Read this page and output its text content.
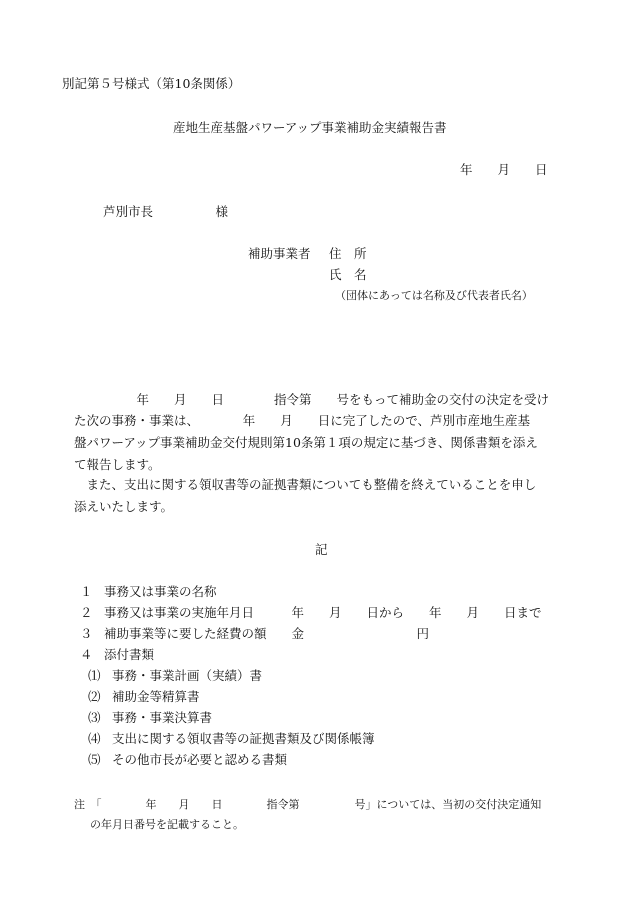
別記第５号様式（第10条関係）
産地生産基盤パワーアップ事業補助金実績報告書
年　　月　　日
芦別市長　　　　　様
補助事業者 住　所
氏　名
（団体にあっては名称及び代表者氏名）
　　　　　年　　月　　日　　　　指令第　　号をもって補助金の交付の決定を受け
た次の事務・事業は、　　　　年　　月　　日に完了したので、芦別市産地生産基
盤パワーアップ事業補助金交付規則第10条第１項の規定に基づき、関係書類を添え
て報告します。
　また、支出に関する領収書等の証拠書類についても整備を終えていることを申し
添えいたします。
記
１ 事務又は事業の名称
２ 事務又は事業の実施年月日　　　年　　月　　日から　　年　　月　　日まで
３ 補助事業等に要した経費の額　　金　　　　　　　　　円
４ 添付書類
⑴ 事務・事業計画（実績）書
⑵ 補助金等精算書
⑶ 事務・事業決算書
⑷ 支出に関する領収書等の証拠書類及び関係帳簿
⑸ その他市長が必要と認める書類
注　「　　　　年　　月　　日　　　　指令第　　　　　号」については、当初の交付決定通知
の年月日番号を記載すること。
